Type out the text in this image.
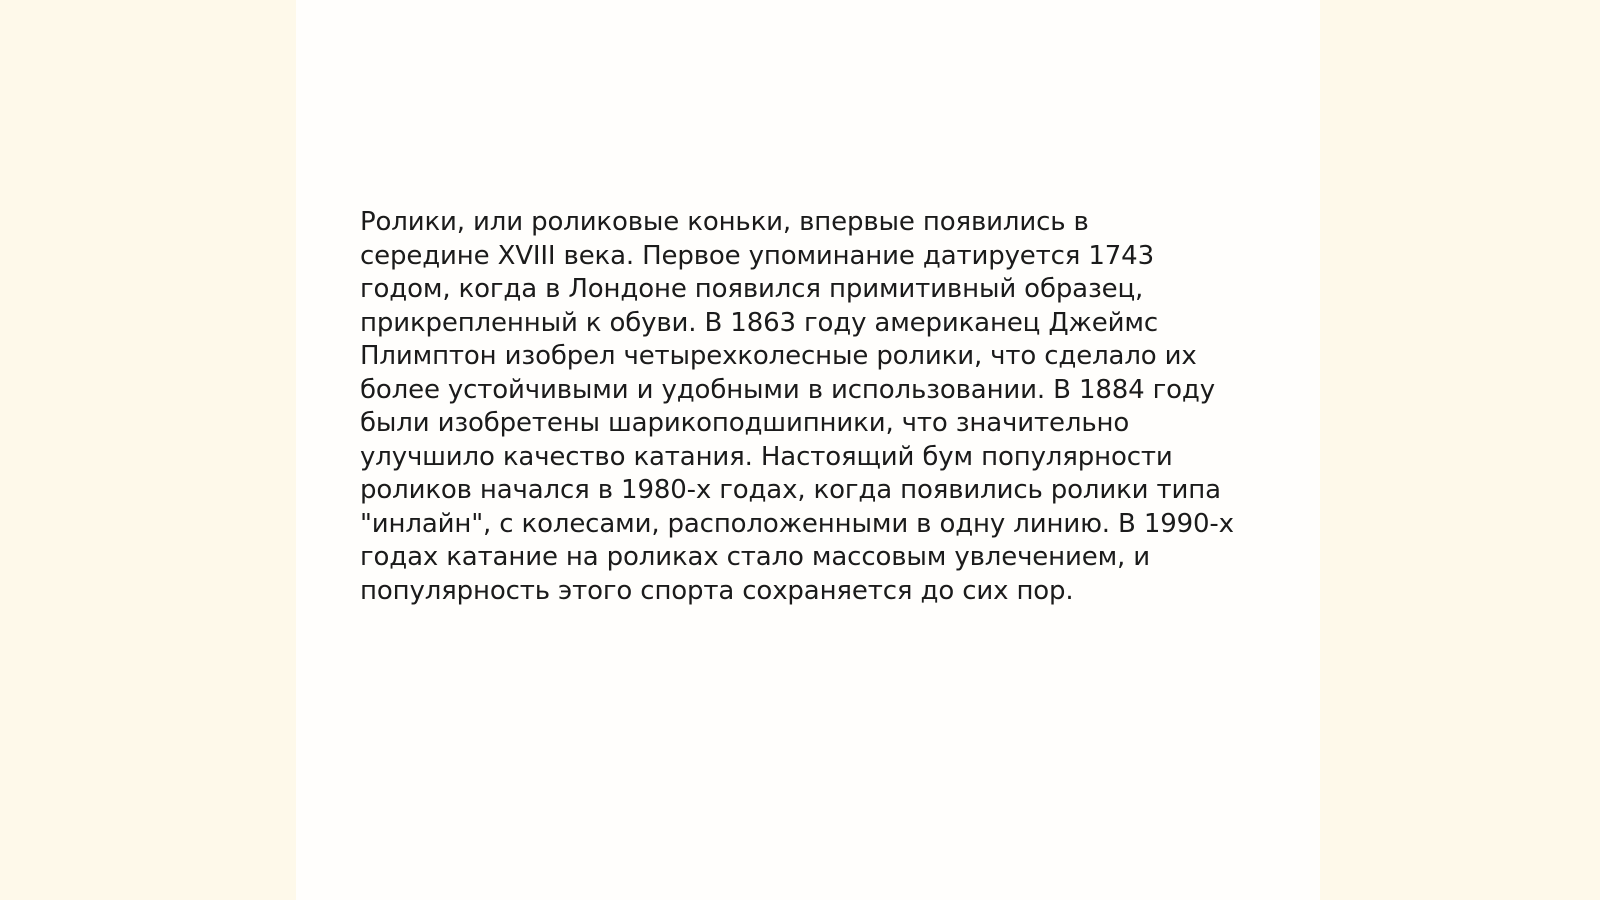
Ролики, или роликовые коньки, впервые появились в
середине XVIII века. Первое упоминание датируется 1743
годом, когда в Лондоне появился примитивный образец,
прикрепленный к обуви. В 1863 году американец Джеймс
Плимптон изобрел четырехколесные ролики, что сделало их
более устойчивыми и удобными в использовании. В 1884 году
были изобретены шарикоподшипники, что значительно
улучшило качество катания. Настоящий бум популярности
роликов начался в 1980-х годах, когда появились ролики типа
"инлайн", с колесами, расположенными в одну линию. В 1990-х
годах катание на роликах стало массовым увлечением, и
популярность этого спорта сохраняется до сих пор.
